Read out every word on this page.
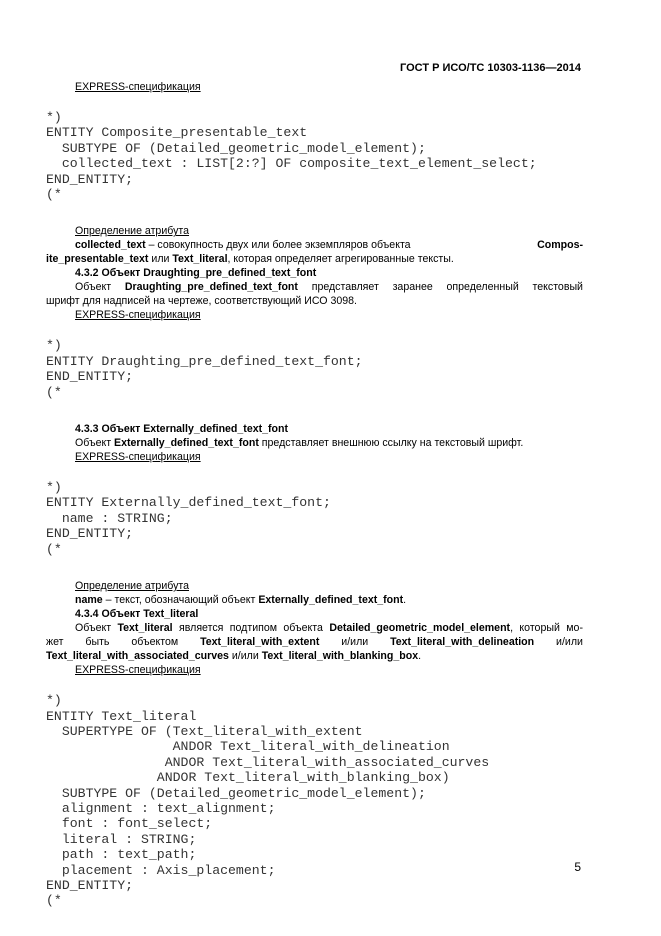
ГОСТ Р ИСО/ТС 10303-1136—2014

EXPRESS-спецификация

*)
ENTITY Composite_presentable_text
SUBTYPE OF (Detailed_geometric_model_element);
collected_text : LIST[2:?] OF composite_text_element_select;
END_ENTITY;
(*

Определение атрибута

collected_text – совокупность двух или более экземпляров объекта	Compos-

ite_presentable_text или Text_literal, которая определяет агрегированные тексты.

4.3.2 Объект Draughting_pre_defined_text_font

Объект Draughting_pre_defined_text_font представляет заранее определенный текстовый

шрифт для надписей на чертеже, соответствующий ИСО 3098.

EXPRESS-спецификация

*)
ENTITY Draughting_pre_defined_text_font;
END_ENTITY;
(*

4.3.3 Объект Externally_defined_text_font

Объект Externally_defined_text_font представляет внешнюю ссылку на текстовый шрифт.

EXPRESS-спецификация

*)
ENTITY Externally_defined_text_font;
name : STRING;
END_ENTITY;
(*

Определение атрибута

name – текст, обозначающий объект Externally_defined_text_font.

4.3.4 Объект Text_literal

Объект Text_literal является подтипом объекта Detailed_geometric_model_element, который мо-

жет быть объектом Text_literal_with_extent и/или Text_literal_with_delineation и/или

Text_literal_with_associated_curves и/или Text_literal_with_blanking_box.

EXPRESS-спецификация

*)
ENTITY Text_literal
SUPERTYPE OF (Text_literal_with_extent
ANDOR Text_literal_with_delineation
ANDOR Text_literal_with_associated_curves
ANDOR Text_literal_with_blanking_box)
SUBTYPE OF (Detailed_geometric_model_element);
alignment : text_alignment;
font : font_select;
literal : STRING;
path : text_path;
placement : Axis_placement;
END_ENTITY;
(*
5
